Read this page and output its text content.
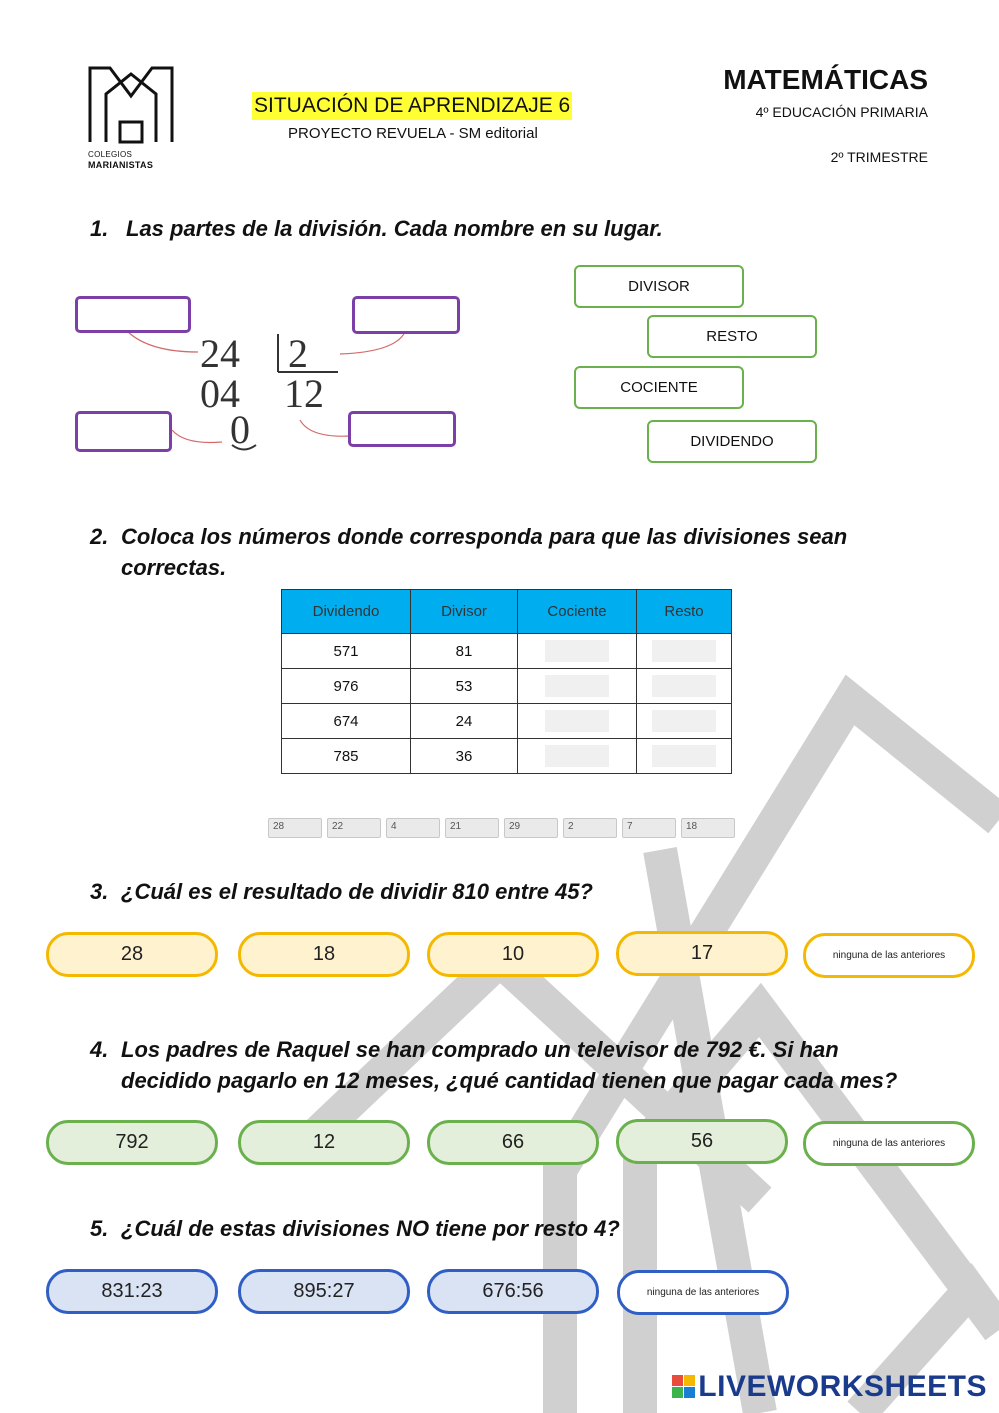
COLEGIOS
MARIANISTAS
SITUACIÓN DE APRENDIZAJE 6
PROYECTO REVUELA - SM editorial
MATEMÁTICAS
4º EDUCACIÓN PRIMARIA
2º TRIMESTRE
1. Las partes de la división. Cada nombre en su lugar.
24 2
04 12
0
DIVISOR
RESTO
COCIENTE
DIVIDENDO
2. Coloca los números donde corresponda para que las divisiones sean correctas.
Dividendo	Divisor	Cociente	Resto
571	81		
976	53		
674	24		
785	36		
28	22	4	21	29	2	7	18
3. ¿Cuál es el resultado de dividir 810 entre 45?
28	18	10	17	ninguna de las anteriores
4. Los padres de Raquel se han comprado un televisor de 792 €. Si han decidido pagarlo en 12 meses, ¿qué cantidad tienen que pagar cada mes?
792	12	66	56	ninguna de las anteriores
5. ¿Cuál de estas divisiones NO tiene por resto 4?
831:23	895:27	676:56	ninguna de las anteriores
LIVEWORKSHEETS
